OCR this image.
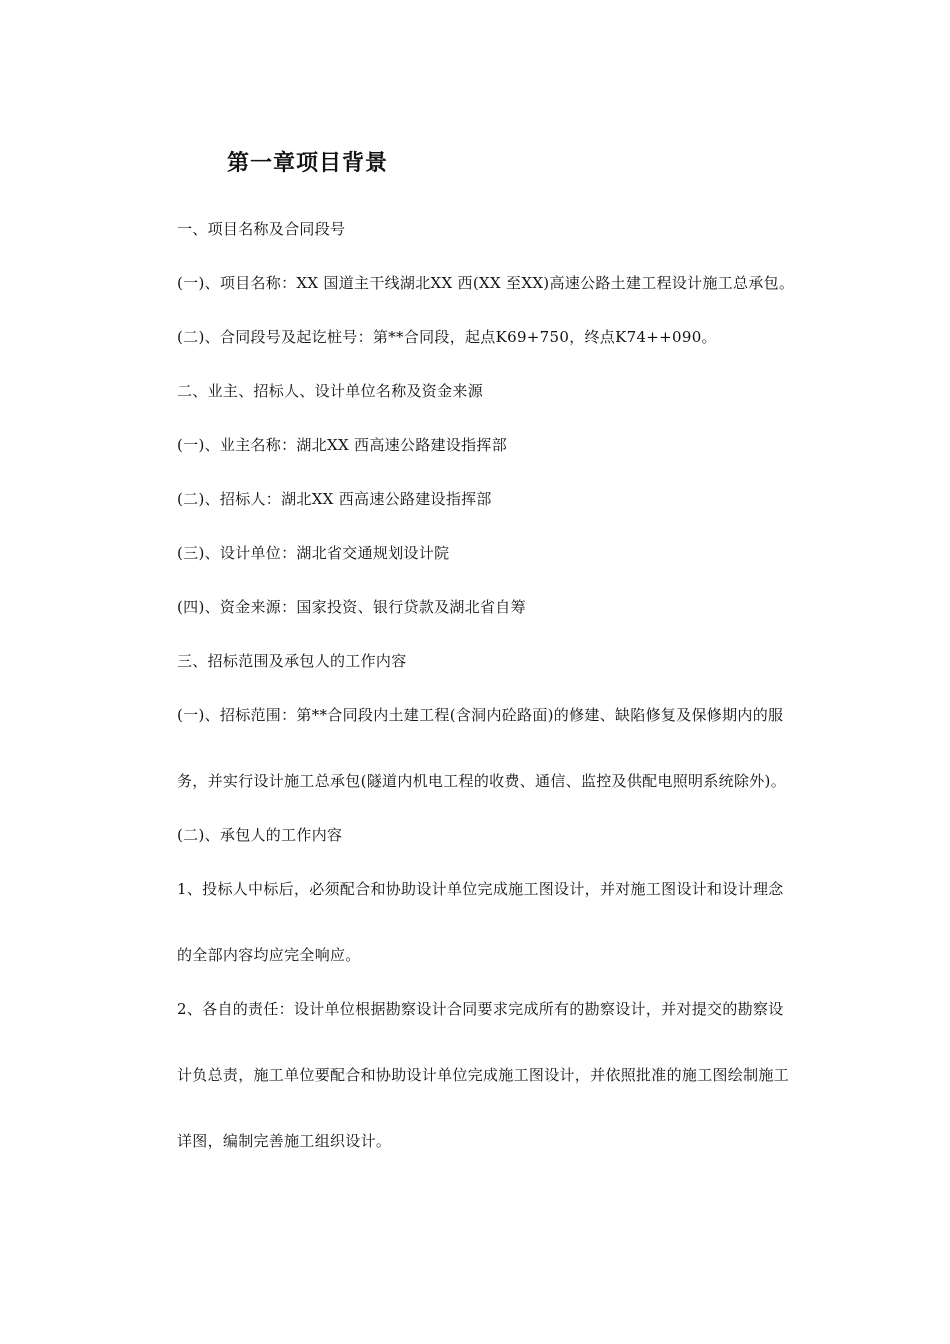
第一章项目背景
一、项目名称及合同段号
(一)、项目名称：XX 国道主干线湖北XX 西(XX 至XX)高速公路土建工程设计施工总承包。
(二)、合同段号及起讫桩号：第**合同段，起点K69+750，终点K74++090。
二、业主、招标人、设计单位名称及资金来源
(一)、业主名称：湖北XX 西高速公路建设指挥部
(二)、招标人：湖北XX 西高速公路建设指挥部
(三)、设计单位：湖北省交通规划设计院
(四)、资金来源：国家投资、银行贷款及湖北省自筹
三、招标范围及承包人的工作内容
(一)、招标范围：第**合同段内土建工程(含洞内砼路面)的修建、缺陷修复及保修期内的服
务，并实行设计施工总承包(隧道内机电工程的收费、通信、监控及供配电照明系统除外)。
(二)、承包人的工作内容
1、投标人中标后，必须配合和协助设计单位完成施工图设计，并对施工图设计和设计理念
的全部内容均应完全响应。
2、各自的责任：设计单位根据勘察设计合同要求完成所有的勘察设计，并对提交的勘察设
计负总责，施工单位要配合和协助设计单位完成施工图设计，并依照批准的施工图绘制施工
详图，编制完善施工组织设计。
